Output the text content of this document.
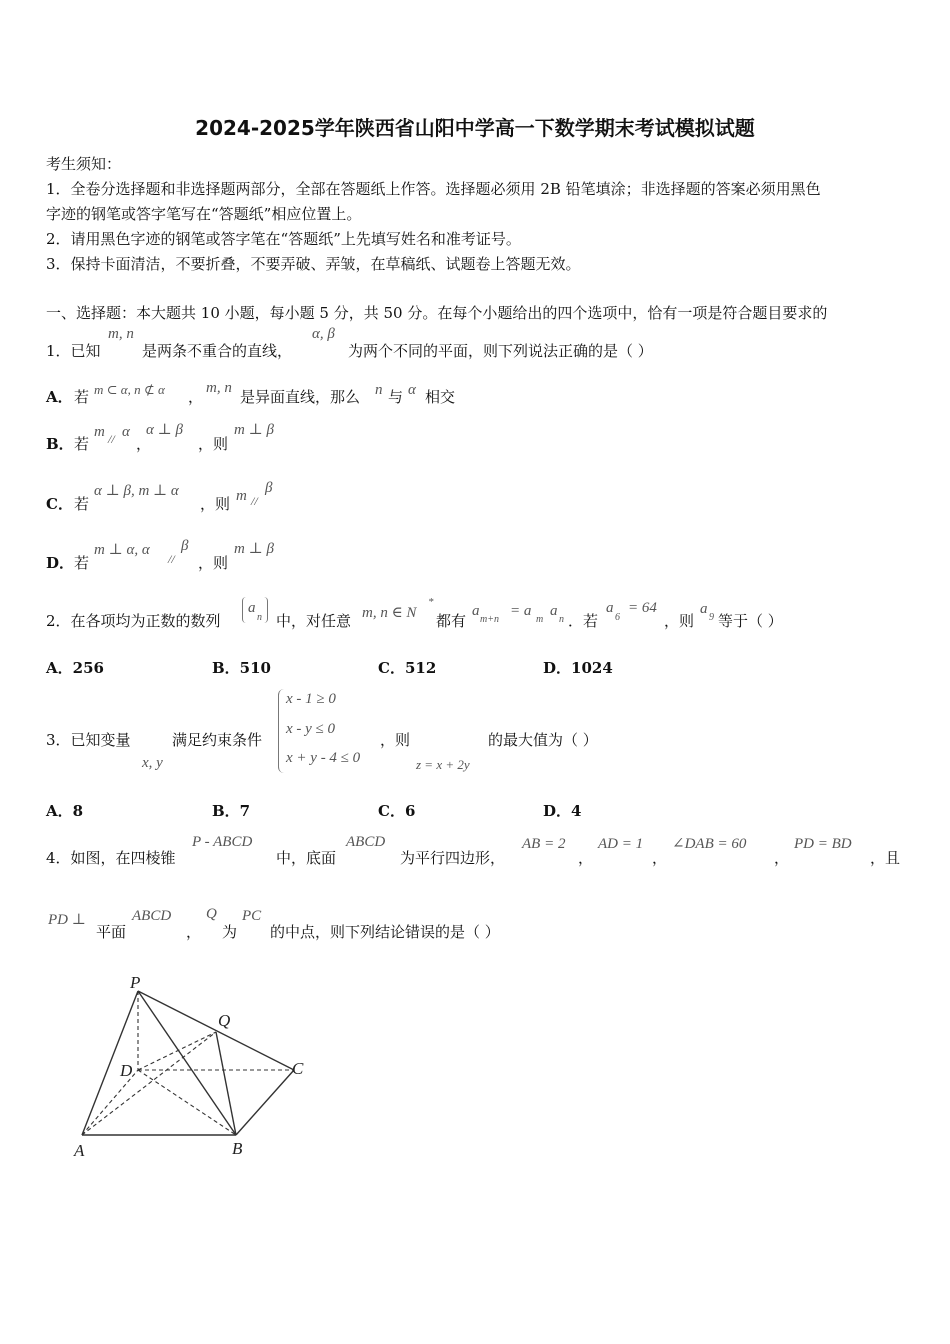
2024-2025学年陕西省山阳中学高一下数学期末考试模拟试题
考生须知：
1．全卷分选择题和非选择题两部分，全部在答题纸上作答。选择题必须用 2B 铅笔填涂；非选择题的答案必须用黑色
字迹的钢笔或答字笔写在“答题纸”相应位置上。
2．请用黑色字迹的钢笔或答字笔在“答题纸”上先填写姓名和准考证号。
3．保持卡面清洁，不要折叠，不要弄破、弄皱，在草稿纸、试题卷上答题无效。
一、选择题：本大题共 10 小题，每小题 5 分，共 50 分。在每个小题给出的四个选项中，恰有一项是符合题目要求的
1．已知
m, n
是两条不重合的直线，
α, β
为两个不同的平面，则下列说法正确的是（ ）
A． 若 m ⊂ α, n ⊄ α ， m, n 是异面直线，那么 n 与 α 相交
B． 若
m // α
，
α ⊥ β
，则
m ⊥ β
C． 若
α ⊥ β, m ⊥ α
，则 m //
β
D． 若
m ⊥ α, α
//
β
，则
m ⊥ β
2．在各项均为正数的数列
a
n 中，对任意 m, n ∈ N
*
都有
a
m+n
= a
m
a
n ．若
a
6
= 64
，则
a
9 等于（ ）
A．256	B．510	C．512	D．1024
3．已知变量
x, y
满足约束条件
x - 1 ≥ 0
x - y ≤ 0
x + y - 4 ≤ 0
，则
z = x + 2y
的最大值为（ ）
A．8	B．7	C．6	D．4
4．如图，在四棱锥
P - ABCD
中，底面
ABCD
为平行四边形，
AB = 2
，
AD = 1
，
∠DAB = 60
，
PD = BD
，且
PD ⊥
平面
ABCD
，
Q
为
PC
的中点，则下列结论错误的是（ ）
P
Q
C
D
A	B
